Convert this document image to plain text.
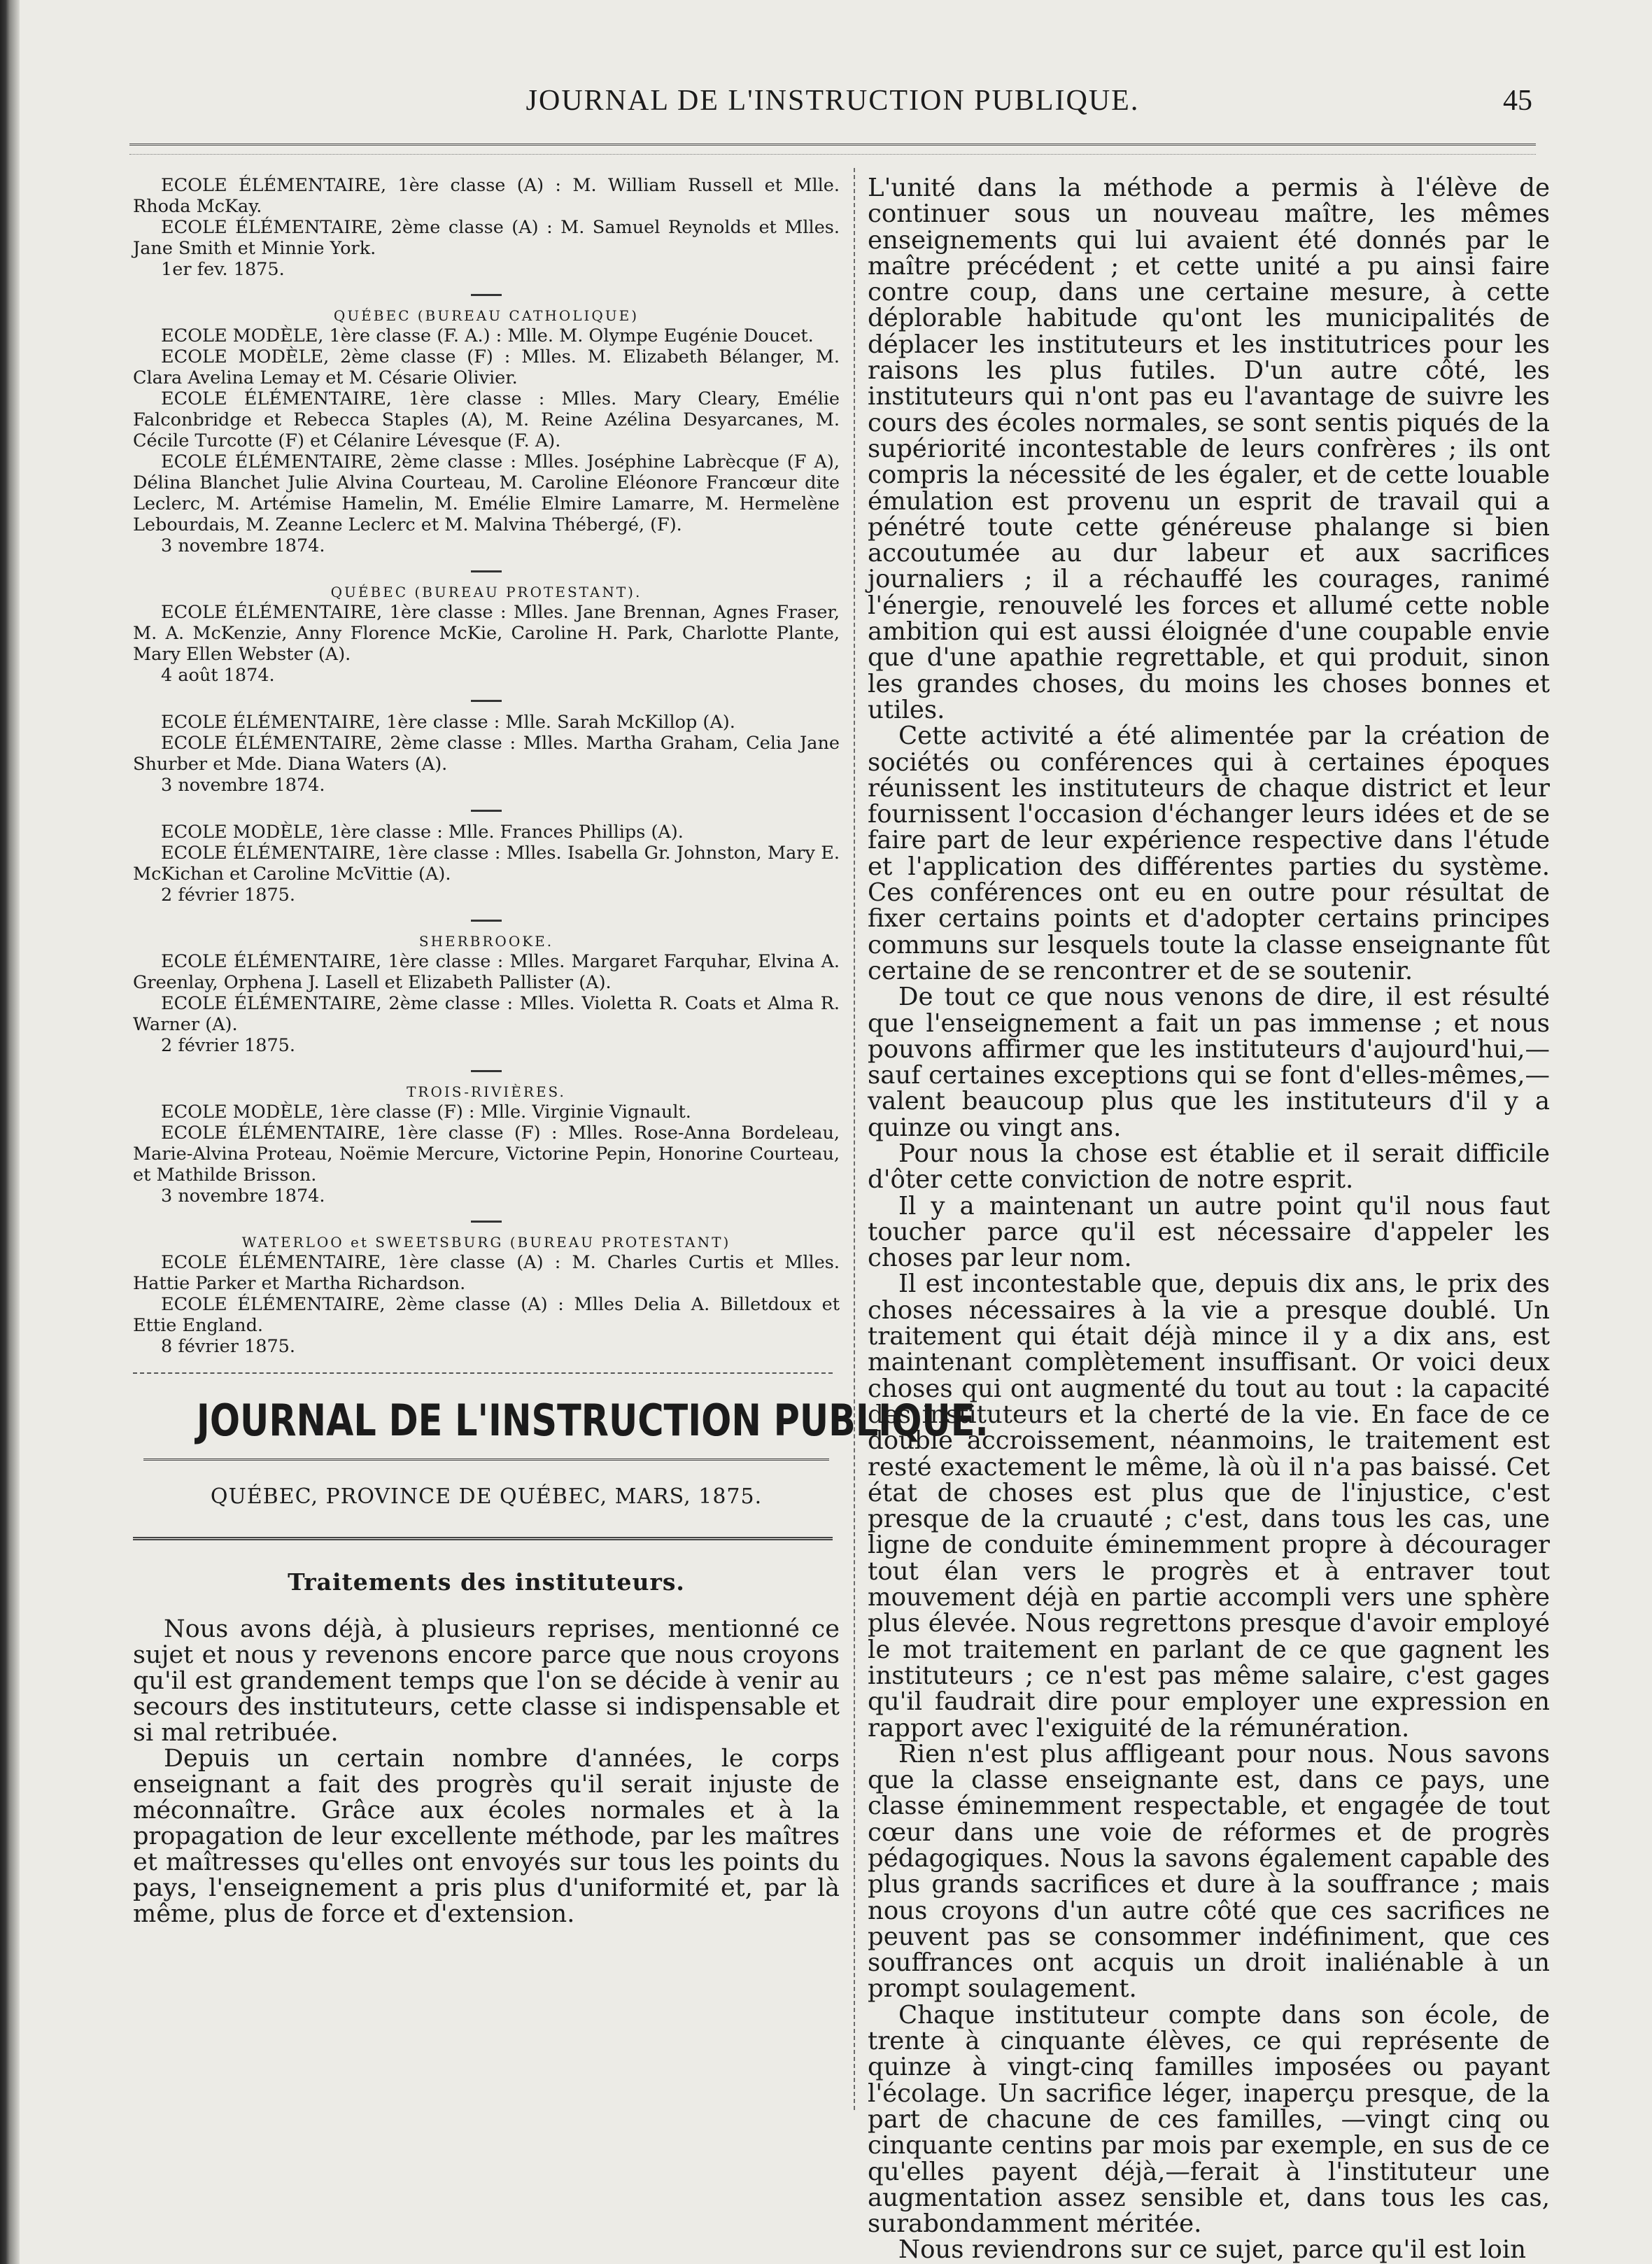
JOURNAL DE L'INSTRUCTION PUBLIQUE.	45

ECOLE ÉLÉMENTAIRE, 1ère classe (A) : M. William Russell et Mlle. Rhoda McKay.

ECOLE ÉLÉMENTAIRE, 2ème classe (A) : M. Samuel Reynolds et Mlles. Jane Smith et Minnie York.

1er fev. 1875.

QUÉBEC (BUREAU CATHOLIQUE)

ECOLE MODÈLE, 1ère classe (F. A.) : Mlle. M. Olympe Eugénie Doucet.

ECOLE MODÈLE, 2ème classe (F) : Mlles. M. Elizabeth Bélanger, M. Clara Avelina Lemay et M. Césarie Olivier.

ECOLE ÉLÉMENTAIRE, 1ère classe : Mlles. Mary Cleary, Emélie Falconbridge et Rebecca Staples (A), M. Reine Azélina Desyarcanes, M. Cécile Turcotte (F) et Célanire Lévesque (F. A).

ECOLE ÉLÉMENTAIRE, 2ème classe : Mlles. Joséphine Labrècque (F A), Délina Blanchet Julie Alvina Courteau, M. Caroline Eléonore Francœur dite Leclerc, M. Artémise Hamelin, M. Emélie Elmire Lamarre, M. Hermelène Lebourdais, M. Zeanne Leclerc et M. Malvina Thébergé, (F).

3 novembre 1874.

QUÉBEC (BUREAU PROTESTANT).

ECOLE ÉLÉMENTAIRE, 1ère classe : Mlles. Jane Brennan, Agnes Fraser, M. A. McKenzie, Anny Florence McKie, Caroline H. Park, Charlotte Plante, Mary Ellen Webster (A).

4 août 1874.

ECOLE ÉLÉMENTAIRE, 1ère classe : Mlle. Sarah McKillop (A).

ECOLE ÉLÉMENTAIRE, 2ème classe : Mlles. Martha Graham, Celia Jane Shurber et Mde. Diana Waters (A).

3 novembre 1874.

ECOLE MODÈLE, 1ère classe : Mlle. Frances Phillips (A).

ECOLE ÉLÉMENTAIRE, 1ère classe : Mlles. Isabella Gr. Johnston, Mary E. McKichan et Caroline McVittie (A).

2 février 1875.

SHERBROOKE.

ECOLE ÉLÉMENTAIRE, 1ère classe : Mlles. Margaret Farquhar, Elvina A. Greenlay, Orphena J. Lasell et Elizabeth Pallister (A).

ECOLE ÉLÉMENTAIRE, 2ème classe : Mlles. Violetta R. Coats et Alma R. Warner (A).

2 février 1875.

TROIS-RIVIÈRES.

ECOLE MODÈLE, 1ère classe (F) : Mlle. Virginie Vignault.

ECOLE ÉLÉMENTAIRE, 1ère classe (F) : Mlles. Rose-Anna Bordeleau, Marie-Alvina Proteau, Noëmie Mercure, Victorine Pepin, Honorine Courteau, et Mathilde Brisson.

3 novembre 1874.

WATERLOO et SWEETSBURG (BUREAU PROTESTANT)

ECOLE ÉLÉMENTAIRE, 1ère classe (A) : M. Charles Curtis et Mlles. Hattie Parker et Martha Richardson.

ECOLE ÉLÉMENTAIRE, 2ème classe (A) : Mlles Delia A. Billetdoux et Ettie England.

8 février 1875.

JOURNAL DE L'INSTRUCTION PUBLIQUE.
QUÉBEC, PROVINCE DE QUÉBEC, MARS, 1875.
Traitements des instituteurs.

Nous avons déjà, à plusieurs reprises, mentionné ce sujet et nous y revenons encore parce que nous croyons qu'il est grandement temps que l'on se décide à venir au secours des instituteurs, cette classe si indispensable et si mal retribuée.

Depuis un certain nombre d'années, le corps enseignant a fait des progrès qu'il serait injuste de méconnaître. Grâce aux écoles normales et à la propagation de leur excellente méthode, par les maîtres et maîtresses qu'elles ont envoyés sur tous les points du pays, l'enseignement a pris plus d'uniformité et, par là même, plus de force et d'extension.

L'unité dans la méthode a permis à l'élève de continuer sous un nouveau maître, les mêmes enseignements qui lui avaient été donnés par le maître précédent ; et cette unité a pu ainsi faire contre coup, dans une certaine mesure, à cette déplorable habitude qu'ont les municipalités de déplacer les instituteurs et les institutrices pour les raisons les plus futiles. D'un autre côté, les instituteurs qui n'ont pas eu l'avantage de suivre les cours des écoles normales, se sont sentis piqués de la supériorité incontestable de leurs confrères ; ils ont compris la nécessité de les égaler, et de cette louable émulation est provenu un esprit de travail qui a pénétré toute cette généreuse phalange si bien accoutumée au dur labeur et aux sacrifices journaliers ; il a réchauffé les courages, ranimé l'énergie, renouvelé les forces et allumé cette noble ambition qui est aussi éloignée d'une coupable envie que d'une apathie regrettable, et qui produit, sinon les grandes choses, du moins les choses bonnes et utiles.

Cette activité a été alimentée par la création de sociétés ou conférences qui à certaines époques réunissent les instituteurs de chaque district et leur fournissent l'occasion d'échanger leurs idées et de se faire part de leur expérience respective dans l'étude et l'application des différentes parties du système. Ces conférences ont eu en outre pour résultat de fixer certains points et d'adopter certains principes communs sur lesquels toute la classe enseignante fût certaine de se rencontrer et de se soutenir.

De tout ce que nous venons de dire, il est résulté que l'enseignement a fait un pas immense ; et nous pouvons affirmer que les instituteurs d'aujourd'hui,—sauf certaines exceptions qui se font d'elles-mêmes,—valent beaucoup plus que les instituteurs d'il y a quinze ou vingt ans.

Pour nous la chose est établie et il serait difficile d'ôter cette conviction de notre esprit.

Il y a maintenant un autre point qu'il nous faut toucher parce qu'il est nécessaire d'appeler les choses par leur nom.

Il est incontestable que, depuis dix ans, le prix des choses nécessaires à la vie a presque doublé. Un traitement qui était déjà mince il y a dix ans, est maintenant complètement insuffisant. Or voici deux choses qui ont augmenté du tout au tout : la capacité des instituteurs et la cherté de la vie. En face de ce double accroissement, néanmoins, le traitement est resté exactement le même, là où il n'a pas baissé. Cet état de choses est plus que de l'injustice, c'est presque de la cruauté ; c'est, dans tous les cas, une ligne de conduite éminemment propre à décourager tout élan vers le progrès et à entraver tout mouvement déjà en partie accompli vers une sphère plus élevée. Nous regrettons presque d'avoir employé le mot traitement en parlant de ce que gagnent les instituteurs ; ce n'est pas même salaire, c'est gages qu'il faudrait dire pour employer une expression en rapport avec l'exiguité de la rémunération.

Rien n'est plus affligeant pour nous. Nous savons que la classe enseignante est, dans ce pays, une classe éminemment respectable, et engagée de tout cœur dans une voie de réformes et de progrès pédagogiques. Nous la savons également capable des plus grands sacrifices et dure à la souffrance ; mais nous croyons d'un autre côté que ces sacrifices ne peuvent pas se consommer indéfiniment, que ces souffrances ont acquis un droit inaliénable à un prompt soulagement.

Chaque instituteur compte dans son école, de trente à cinquante élèves, ce qui représente de quinze à vingt-cinq familles imposées ou payant l'écolage. Un sacrifice léger, inaperçu presque, de la part de chacune de ces familles, —vingt cinq ou cinquante centins par mois par exemple, en sus de ce qu'elles payent déjà,—ferait à l'instituteur une augmentation assez sensible et, dans tous les cas, surabondamment méritée.

Nous reviendrons sur ce sujet, parce qu'il est loin
